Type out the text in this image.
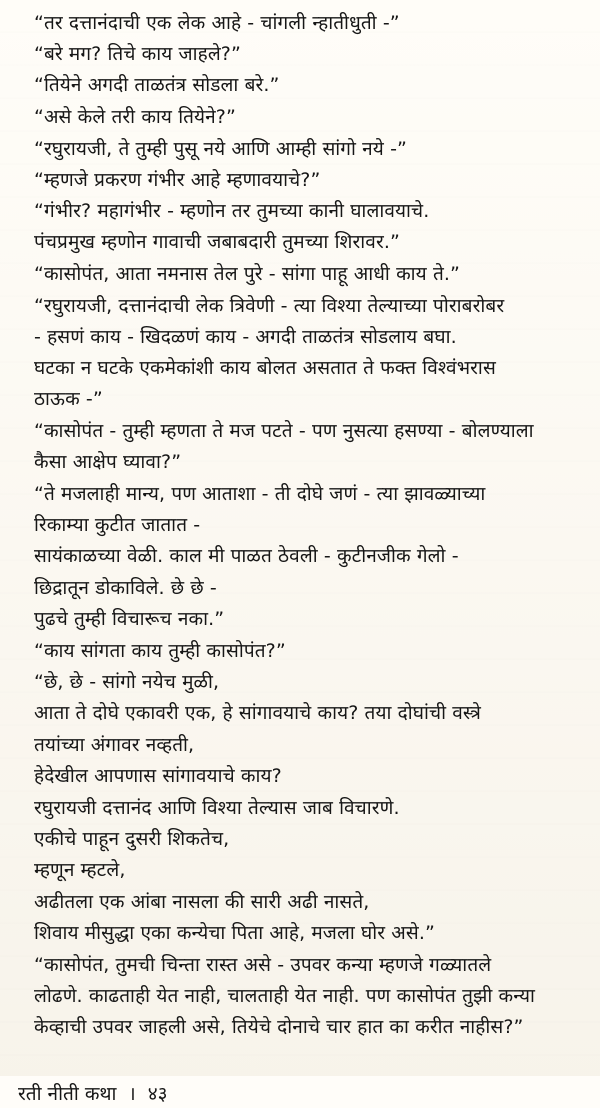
“तर दत्तानंदाची एक लेक आहे - चांगली न्हातीधुती -”
“बरे मग? तिचे काय जाहले?”
“तियेने अगदी ताळतंत्र सोडला बरे.”
“असे केले तरी काय तियेने?”
“रघुरायजी, ते तुम्ही पुसू नये आणि आम्ही सांगो नये -”
“म्हणजे प्रकरण गंभीर आहे म्हणावयाचे?”
“गंभीर? महागंभीर - म्हणोन तर तुमच्या कानी घालावयाचे.
पंचप्रमुख म्हणोन गावाची जबाबदारी तुमच्या शिरावर.”
“कासोपंत, आता नमनास तेल पुरे - सांगा पाहू आधी काय ते.”
“रघुरायजी, दत्तानंदाची लेक त्रिवेणी - त्या विश्या तेल्याच्या पोराबरोबर
- हसणं काय - खिदळणं काय - अगदी ताळतंत्र सोडलाय बघा.
घटका न घटके एकमेकांशी काय बोलत असतात ते फक्त विश्वंभरास
ठाऊक -”
“कासोपंत - तुम्ही म्हणता ते मज पटते - पण नुसत्या हसण्या - बोलण्याला
कैसा आक्षेप घ्यावा?”
“ते मजलाही मान्य, पण आताशा - ती दोघे जणं - त्या झावळ्याच्या
रिकाम्या कुटीत जातात -
सायंकाळच्या वेळी. काल मी पाळत ठेवली - कुटीनजीक गेलो -
छिद्रातून डोकाविले. छे छे -
पुढचे तुम्ही विचारूच नका.”
“काय सांगता काय तुम्ही कासोपंत?”
“छे, छे - सांगो नयेच मुळी,
आता ते दोघे एकावरी एक, हे सांगावयाचे काय? तया दोघांची वस्त्रे
तयांच्या अंगावर नव्हती,
हेदेखील आपणास सांगावयाचे काय?
रघुरायजी दत्तानंद आणि विश्या तेल्यास जाब विचारणे.
एकीचे पाहून दुसरी शिकतेच,
म्हणून म्हटले,
अढीतला एक आंबा नासला की सारी अढी नासते,
शिवाय मीसुद्धा एका कन्येचा पिता आहे, मजला घोर असे.”
“कासोपंत, तुमची चिन्ता रास्त असे - उपवर कन्या म्हणजे गळ्यातले
लोढणे. काढताही येत नाही, चालताही येत नाही. पण कासोपंत तुझी कन्या
केव्हाची उपवर जाहली असे, तियेचे दोनाचे चार हात का करीत नाहीस?”
रती नीती कथा । ४३
